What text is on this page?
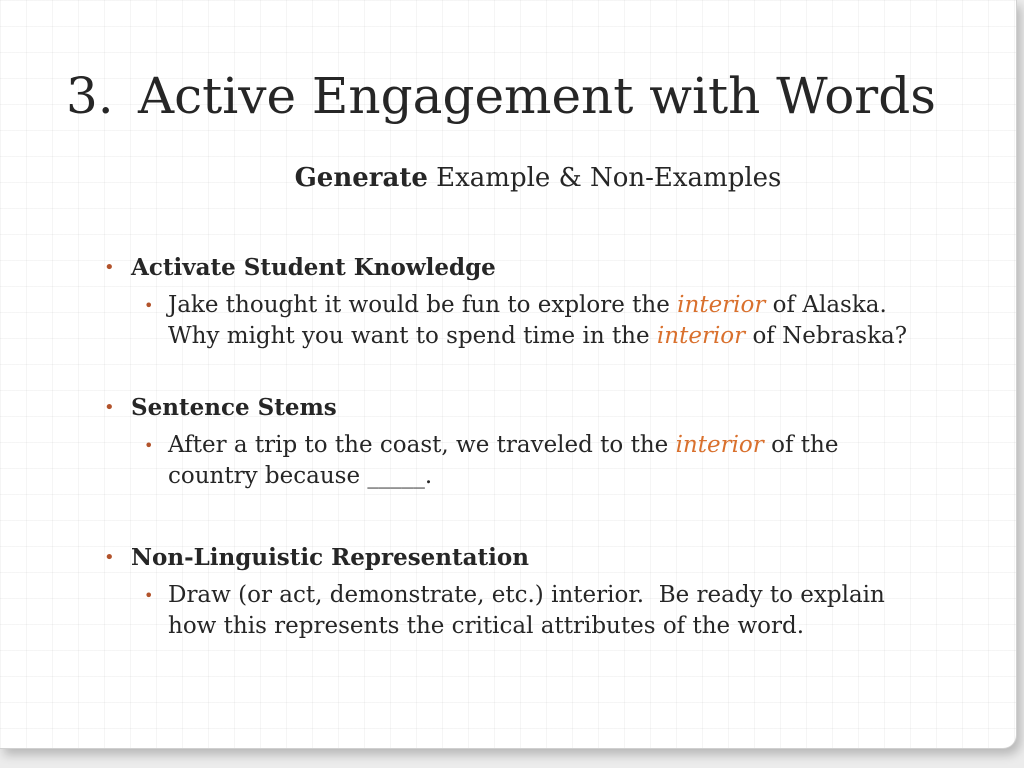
3. Active Engagement with Words
Generate Example & Non-Examples
• Activate Student Knowledge
• Jake thought it would be fun to explore the interior of Alaska. Why might you want to spend time in the interior of Nebraska?
• Sentence Stems
• After a trip to the coast, we traveled to the interior of the country because _____.
• Non-Linguistic Representation
• Draw (or act, demonstrate, etc.) interior.  Be ready to explain how this represents the critical attributes of the word.
